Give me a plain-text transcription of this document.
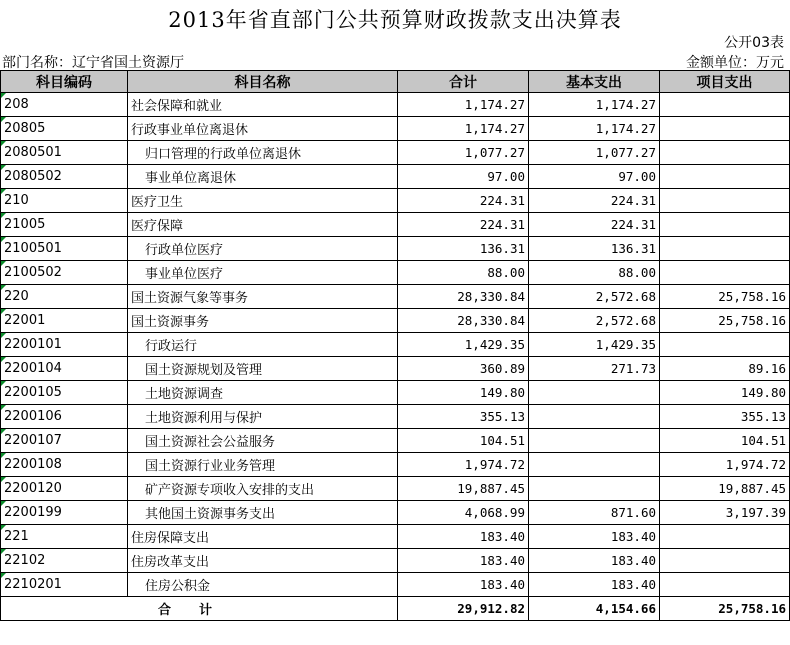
2013年省直部门公共预算财政拨款支出决算表
公开03表
部门名称：辽宁省国土资源厅	金额单位：万元
科目编码	科目名称	合计	基本支出	项目支出
208	社会保障和就业	1,174.27	1,174.27	
20805	行政事业单位离退休	1,174.27	1,174.27	
2080501	归口管理的行政单位离退休	1,077.27	1,077.27	
2080502	事业单位离退休	97.00	97.00	
210	医疗卫生	224.31	224.31	
21005	医疗保障	224.31	224.31	
2100501	行政单位医疗	136.31	136.31	
2100502	事业单位医疗	88.00	88.00	
220	国土资源气象等事务	28,330.84	2,572.68	25,758.16
22001	国土资源事务	28,330.84	2,572.68	25,758.16
2200101	行政运行	1,429.35	1,429.35	
2200104	国土资源规划及管理	360.89	271.73	89.16
2200105	土地资源调查	149.80		149.80
2200106	土地资源利用与保护	355.13		355.13
2200107	国土资源社会公益服务	104.51		104.51
2200108	国土资源行业业务管理	1,974.72		1,974.72
2200120	矿产资源专项收入安排的支出	19,887.45		19,887.45
2200199	其他国土资源事务支出	4,068.99	871.60	3,197.39
221	住房保障支出	183.40	183.40	
22102	住房改革支出	183.40	183.40	
2210201	住房公积金	183.40	183.40	
合计		29,912.82	4,154.66	25,758.16
